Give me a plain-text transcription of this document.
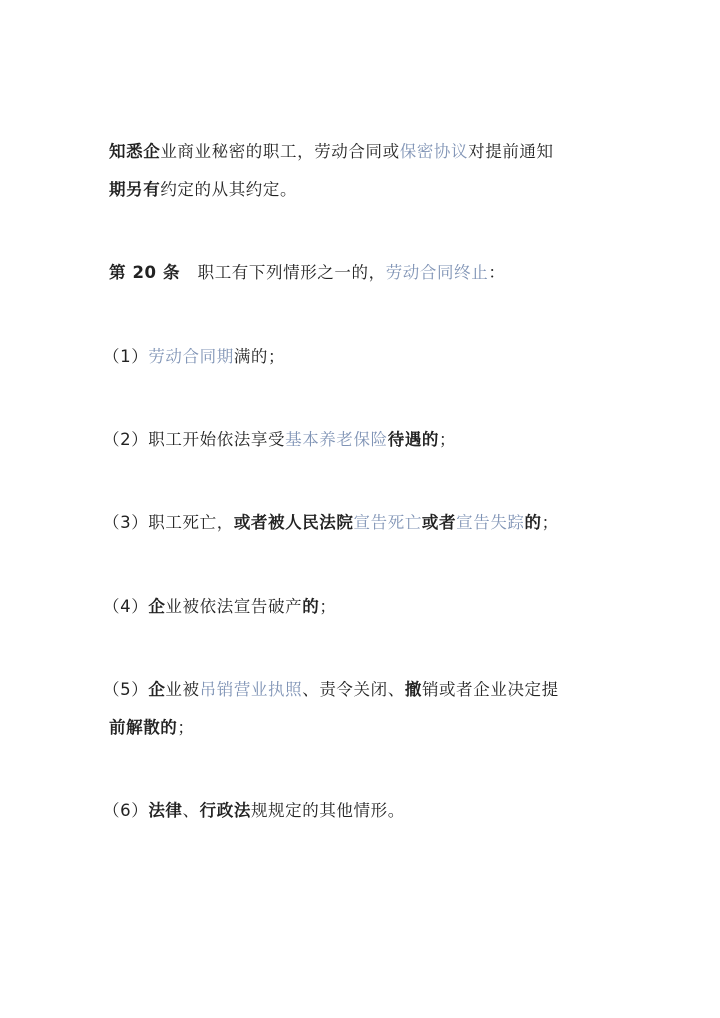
知悉企业商业秘密的职工，劳动合同或保密协议对提前通知
期另有约定的从其约定。
第 20 条   职工有下列情形之一的，劳动合同终止：
（1）劳动合同期满的；
（2）职工开始依法享受基本养老保险待遇的；
（3）职工死亡，或者被人民法院宣告死亡或者宣告失踪的；
（4）企业被依法宣告破产的；
（5）企业被吊销营业执照、责令关闭、撤销或者企业决定提
前解散的；
（6）法律、行政法规规定的其他情形。
